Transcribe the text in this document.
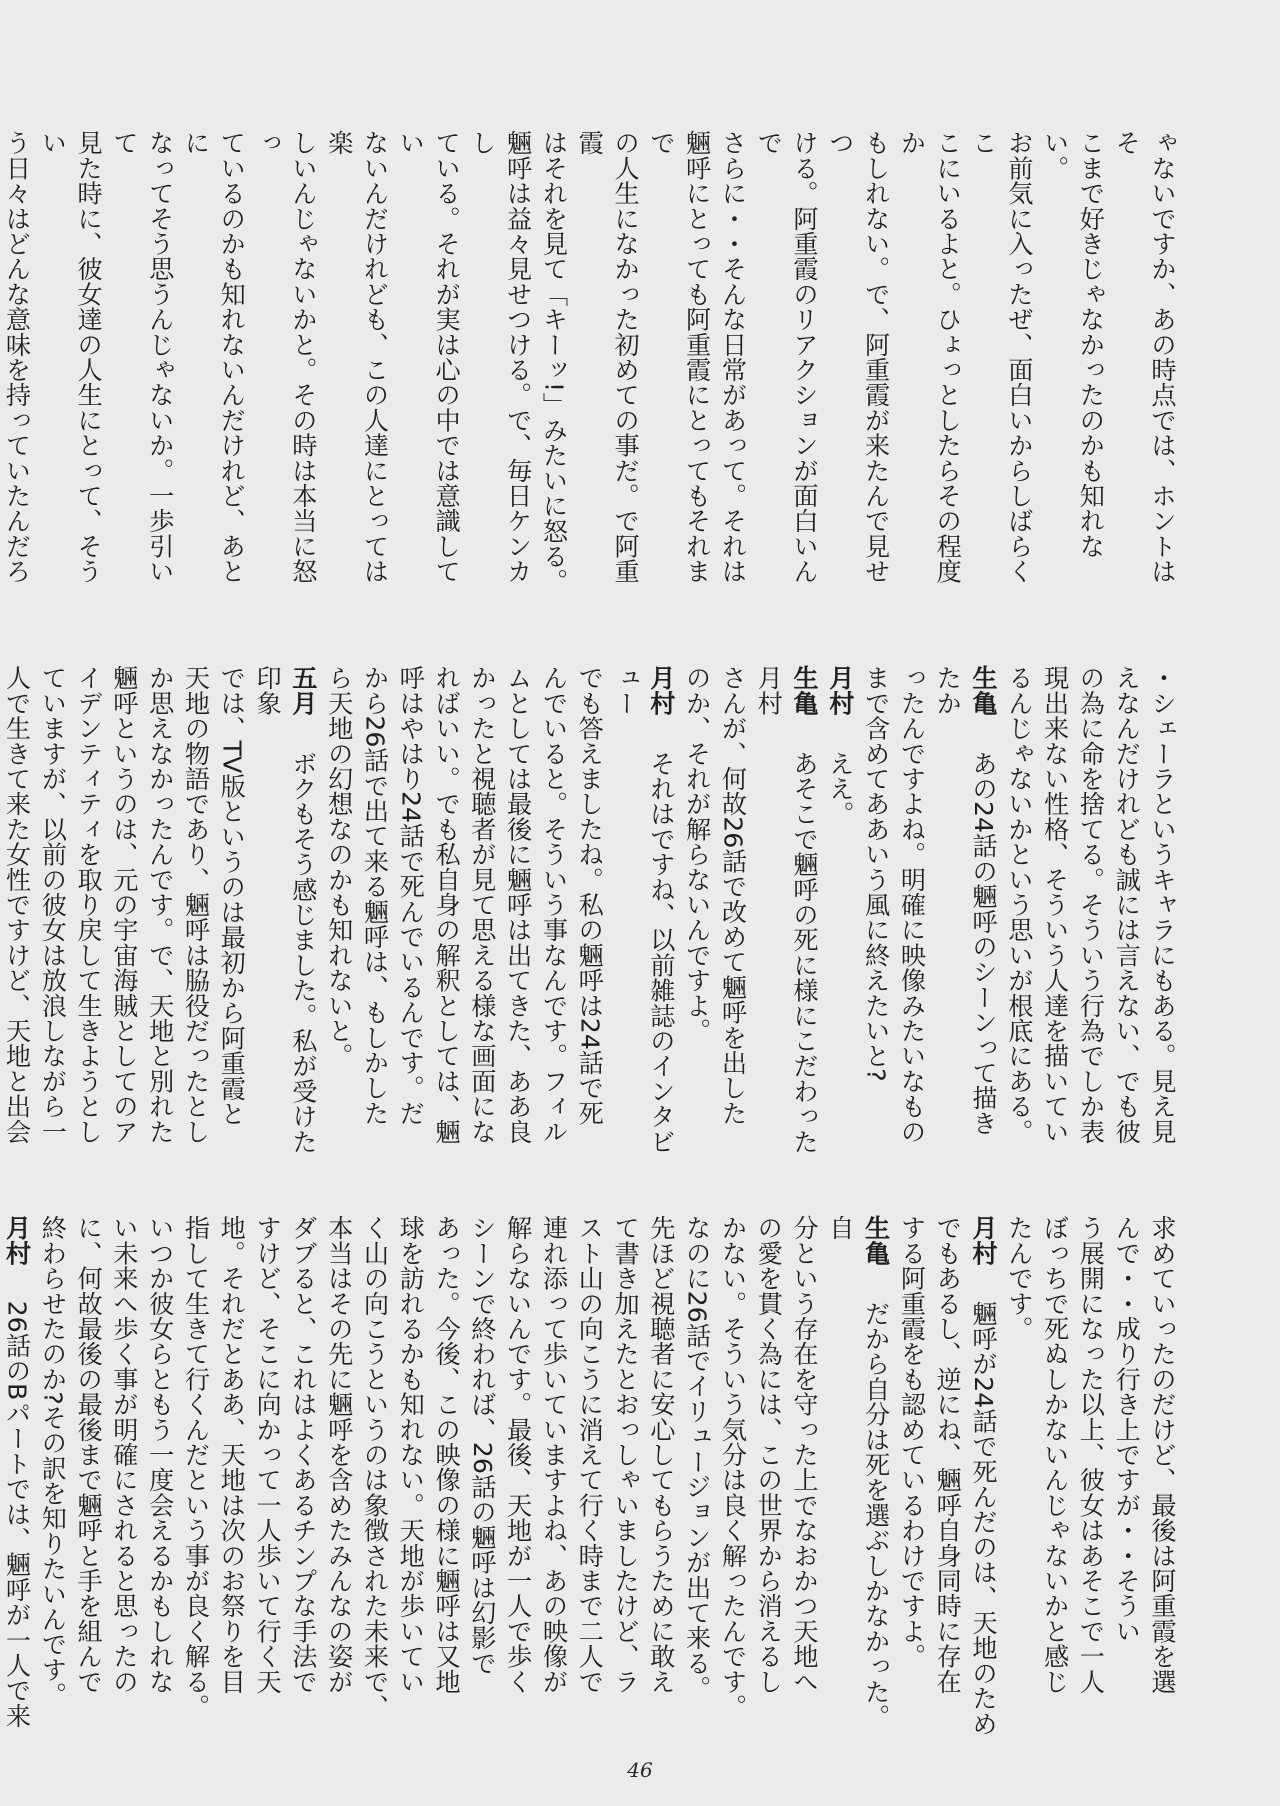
ゃないですか、あの時点では、ホントはそ
こまで好きじゃなかったのかも知れない。
お前気に入ったぜ、面白いからしばらくこ
こにいるよと。ひょっとしたらその程度か
もしれない。で、阿重霞が来たんで見せつ
ける。阿重霞のリアクションが面白いんで
さらに・・そんな日常があって。それは
魎呼にとっても阿重霞にとってもそれまで
の人生になかった初めての事だ。で阿重霞
はそれを見て「キーッ!」みたいに怒る。
魎呼は益々見せつける。で、毎日ケンカし
ている。それが実は心の中では意識してい
ないんだけれども、この人達にとっては楽
しいんじゃないかと。その時は本当に怒っ
ているのかも知れないんだけれど、あとに
なってそう思うんじゃないか。一歩引いて
見た時に、彼女達の人生にとって、そうい
う日々はどんな意味を持っていたんだろ
・シェーラというキャラにもある。見え見
えなんだけれども誠には言えない、でも彼
の為に命を捨てる。そういう行為でしか表
現出来ない性格、そういう人達を描いてい
るんじゃないかという思いが根底にある。
生亀　あの24話の魎呼のシーンって描きたか
ったんですよね。明確に映像みたいなもの
まで含めてああいう風に終えたいと?
月村　ええ。
生亀　あそこで魎呼の死に様にこだわった月村
さんが、何故26話で改めて魎呼を出した
のか、それが解らないんですよ。
月村　それはですね、以前雑誌のインタビュー
でも答えましたね。私の魎呼は24話で死
んでいると。そういう事なんです。フィル
ムとしては最後に魎呼は出てきた、ああ良
かったと視聴者が見て思える様な画面にな
ればいい。でも私自身の解釈としては、魎
呼はやはり24話で死んでいるんです。だ
から26話で出て来る魎呼は、もしかした
ら天地の幻想なのかも知れないと。
五月　ボクもそう感じました。私が受けた印象
では、TV版というのは最初から阿重霞と
天地の物語であり、魎呼は脇役だったとし
か思えなかったんです。で、天地と別れた
魎呼というのは、元の宇宙海賊としてのア
イデンティティを取り戻して生きようとし
ていますが、以前の彼女は放浪しながら一
人で生きて来た女性ですけど、天地と出会
求めていったのだけど、最後は阿重霞を選
んで・・成り行き上ですが・・そうい
う展開になった以上、彼女はあそこで一人
ぼっちで死ぬしかないんじゃないかと感じ
たんです。
月村　魎呼が24話で死んだのは、天地のため
でもあるし、逆にね、魎呼自身同時に存在
する阿重霞をも認めているわけですよ。
生亀　だから自分は死を選ぶしかなかった。自
分という存在を守った上でなおかつ天地へ
の愛を貫く為には、この世界から消えるし
かない。そういう気分は良く解ったんです。
なのに26話でイリュージョンが出て来る。
先ほど視聴者に安心してもらうために敢え
て書き加えたとおっしゃいましたけど、ラ
スト山の向こうに消えて行く時まで二人で
連れ添って歩いていますよね、あの映像が
解らないんです。最後、天地が一人で歩く
シーンで終われば、26話の魎呼は幻影で
あった。今後、この映像の様に魎呼は又地
球を訪れるかも知れない。天地が歩いてい
く山の向こうというのは象徴された未来で、
本当はその先に魎呼を含めたみんなの姿が
ダブると、これはよくあるチンプな手法で
すけど、そこに向かって一人歩いて行く天
地。それだとああ、天地は次のお祭りを目
指して生きて行くんだという事が良く解る。
いつか彼女らともう一度会えるかもしれな
い未来へ歩く事が明確にされると思ったの
に、何故最後の最後まで魎呼と手を組んで
終わらせたのか?その訳を知りたいんです。
月村　26話のBパートでは、魎呼が一人で来
46
